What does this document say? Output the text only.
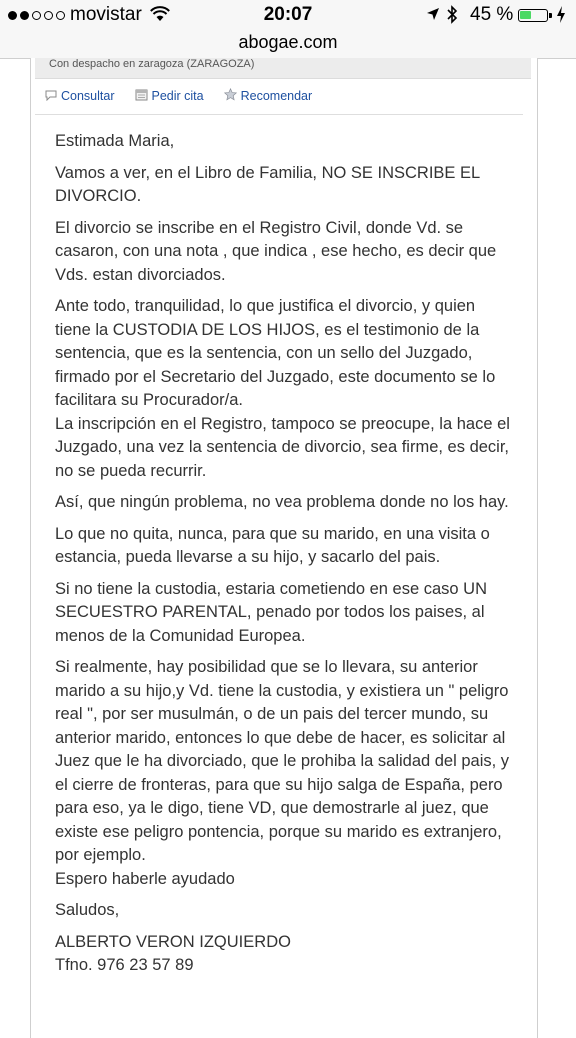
movistar	20:07	45 %
abogae.com
Con despacho en zaragoza (ZARAGOZA)
Consultar	Pedir cita	Recomendar

Estimada Maria,

Vamos a ver, en el Libro de Familia, NO SE INSCRIBE EL DIVORCIO.

El divorcio se inscribe en el Registro Civil, donde Vd. se casaron, con una nota , que indica , ese hecho, es decir que Vds. estan divorciados.

Ante todo, tranquilidad, lo que justifica el divorcio, y quien tiene la CUSTODIA DE LOS HIJOS, es el testimonio de la sentencia, que es la sentencia, con un sello del Juzgado, firmado por el Secretario del Juzgado, este documento se lo facilitara su Procurador/a.
La inscripción en el Registro, tampoco se preocupe, la hace el Juzgado, una vez la sentencia de divorcio, sea firme, es decir, no se pueda recurrir.

Así, que ningún problema, no vea problema donde no los hay.

Lo que no quita, nunca, para que su marido, en una visita o estancia, pueda llevarse a su hijo, y sacarlo del pais.

Si no tiene la custodia, estaria cometiendo en ese caso UN SECUESTRO PARENTAL, penado por todos los paises, al menos de la Comunidad Europea.

Si realmente, hay posibilidad que se lo llevara, su anterior marido a su hijo,y Vd. tiene la custodia, y existiera un " peligro real ", por ser musulmán, o de un pais del tercer mundo, su anterior marido, entonces lo que debe de hacer, es solicitar al Juez que le ha divorciado, que le prohiba la salidad del pais, y el cierre de fronteras, para que su hijo salga de España, pero para eso, ya le digo, tiene VD, que demostrarle al juez, que existe ese peligro pontencia, porque su marido es extranjero, por ejemplo.
Espero haberle ayudado

Saludos,

ALBERTO VERON IZQUIERDO
Tfno. 976 23 57 89
